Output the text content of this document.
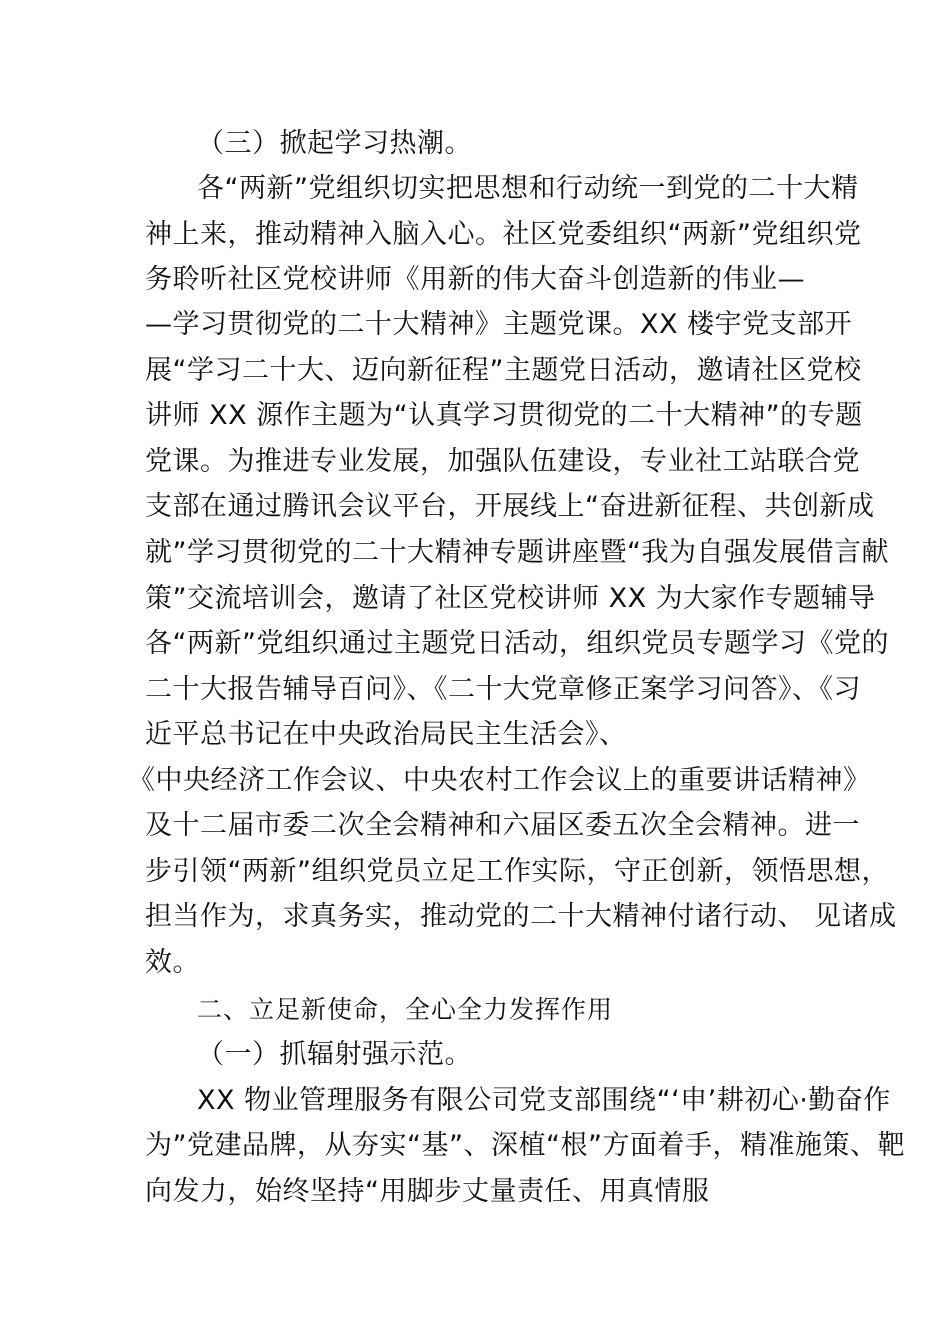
（三）掀起学习热潮。
各“两新”党组织切实把思想和行动统一到党的二十大精
神上来，推动精神入脑入心。社区党委组织“两新”党组织党
务聆听社区党校讲师《用新的伟大奋斗创造新的伟业—
—学习贯彻党的二十大精神》主题党课。XX 楼宇党支部开
展“学习二十大、迈向新征程”主题党日活动，邀请社区党校
讲师 XX 源作主题为“认真学习贯彻党的二十大精神”的专题
党课。为推进专业发展，加强队伍建设，专业社工站联合党
支部在通过腾讯会议平台，开展线上“奋进新征程、共创新成
就”学习贯彻党的二十大精神专题讲座暨“我为自强发展借言献
策”交流培训会，邀请了社区党校讲师 XX 为大家作专题辅导
各“两新”党组织通过主题党日活动，组织党员专题学习《党的
二十大报告辅导百问》、《二十大党章修正案学习问答》、《习
近平总书记在中央政治局民主生活会》、
《中央经济工作会议、中央农村工作会议上的重要讲话精神》
及十二届市委二次全会精神和六届区委五次全会精神。进一
步引领“两新”组织党员立足工作实际，守正创新，领悟思想，
担当作为，求真务实，推动党的二十大精神付诸行动、 见诸成
效。
二、立足新使命，全心全力发挥作用
（一）抓辐射强示范。
XX 物业管理服务有限公司党支部围绕“‘申’耕初心·勤奋作
为”党建品牌，从夯实“基”、深植“根”方面着手，精准施策、靶
向发力，始终坚持“用脚步丈量责任、用真情服
